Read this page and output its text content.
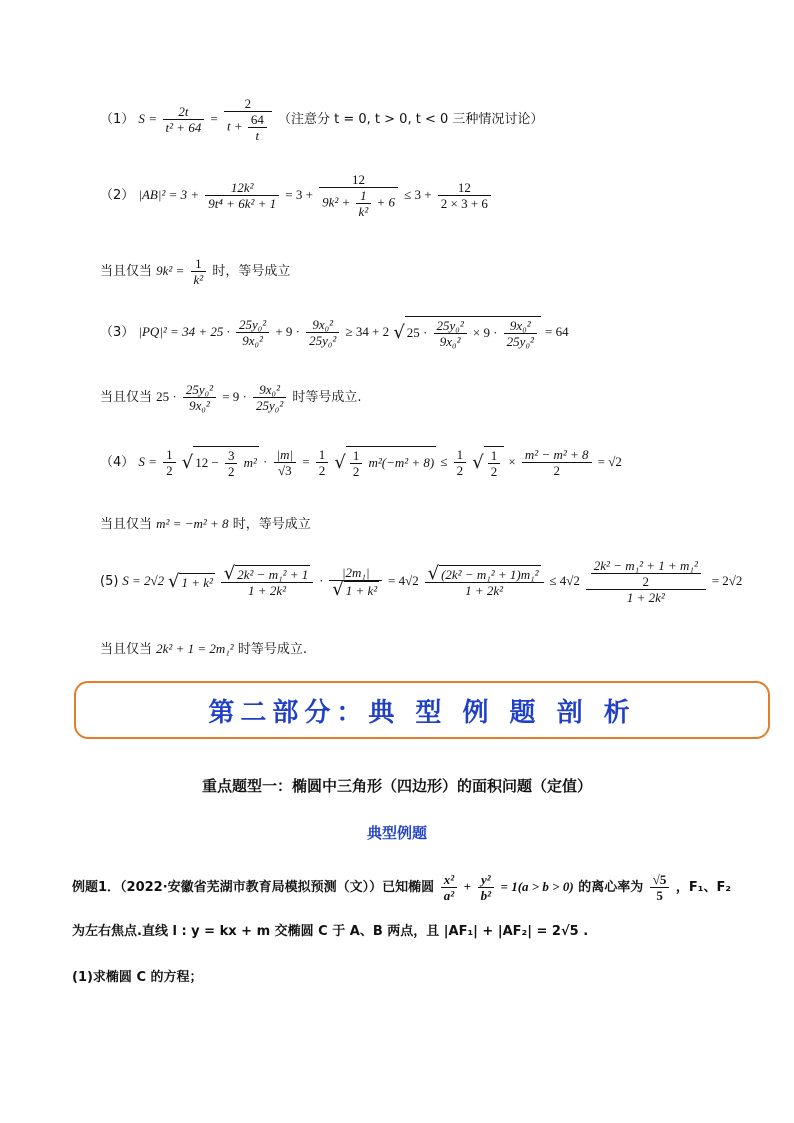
（1） $S = \frac{2t}{\text{t² + 64}} = \frac{2}{t + \frac{64}{t}}$ （注意分 t = 0, t > 0, t < 0 三种情况讨论）
（2） $|AB|^2 = 3 + \frac{\text{12k²}}{\text{9t⁴ + 6k² + 1}} = 3 + \frac{12}{9k^2 + \frac{1}{\text{k²}} + 6} \le 3 + \frac{12}{2 \times 3 + 6}$
当且仅当 $9k^2 = \frac{1}{\text{k²}}$ 时，等号成立
（3） $|PQ|^2 = 34 + 25 \cdot \frac{\text{25y₀²}}{\text{9x₀²}} + 9 \cdot \frac{\text{9x₀²}}{\text{25y₀²}} \ge 34 + 2$ √ $25 \cdot \frac{\text{25y₀²}}{\text{9x₀²}} \times 9 \cdot \frac{\text{9x₀²}}{\text{25y₀²}} = 64$
当且仅当 $25 \cdot \frac{\text{25y₀²}}{\text{9x₀²}} = 9 \cdot \frac{\text{9x₀²}}{\text{25y₀²}}$ 时等号成立.
（4） $S = \frac{1}{2}$ √ $12 - \frac{3}{2} m^2 \cdot \frac{|m|}{√3} = \frac{1}{2}$ √ $\frac{1}{2} m^2(-m^2 + 8) \le \frac{1}{2}$ √ $\frac{1}{2} \times \frac{\text{m² − m² + 8}}{2} = √2$
当且仅当 m² = −m² + 8 时，等号成立
(5) S = 2√2 √ $1 + k^2 \frac{\text{√ 2k² − m₁² + 1}}{\text{1 + 2k²}} \cdot \frac{\text{|2m₁|}}{\text{√ 1 + k²}} = 4√2 \frac{\text{√ (2k² − m₁² + 1)m₁²}}{\text{1 + 2k²}} \le 4√2 \frac{\frac{\text{2k² − m₁² + 1 + m₁²}}{2}}{\text{1 + 2k²}} = 2√2$
当且仅当 2k² + 1 = 2m₁² 时等号成立.
第二部分：典 型 例 题 剖 析
重点题型一：椭圆中三角形（四边形）的面积问题（定值）
典型例题
例题1．（2022·安徽省芜湖市教育局模拟预测（文））已知椭圆 $\frac{\text{x²}}{\text{a²}} + \frac{\text{y²}}{\text{b²}} = 1(a > b > 0)$ 的离心率为 $\frac{√5}{5}$ ，F₁、F₂
为左右焦点.直线 l : y = kx + m 交椭圆 C 于 A、B 两点，且 |AF₁| + |AF₂| = 2√5 .
(1)求椭圆 C 的方程；
